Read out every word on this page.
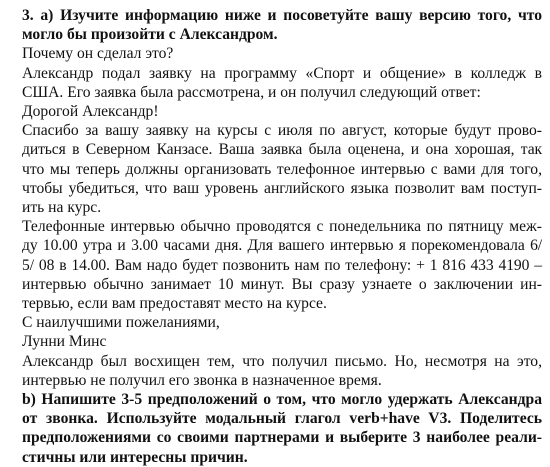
3. a) Изучите информацию ниже и посоветуйте вашу версию того, что
могло бы произойти с Александром.
Почему он сделал это?
Александр подал заявку на программу «Спорт и общение» в колледж в
США. Его заявка была рассмотрена, и он получил следующий ответ:
Дорогой Александр!
Спасибо за вашу заявку на курсы с июля по август, которые будут прово-
диться в Северном Канзасе. Ваша заявка была оценена, и она хорошая, так
что мы теперь должны организовать телефонное интервью с вами для того,
чтобы убедиться, что ваш уровень английского языка позволит вам поступ-
ить на курс.
Телефонные интервью обычно проводятся с понедельника по пятницу меж-
ду 10.00 утра и 3.00 часами дня. Для вашего интервью я порекомендовала 6/
5/ 08 в 14.00. Вам надо будет позвонить нам по телефону: + 1 816 433 4190 –
интервью обычно занимает 10 минут. Вы сразу узнаете о заключении ин-
тервью, если вам предоставят место на курсе.
С наилучшими пожеланиями,
Лунни Минс
Александр был восхищен тем, что получил письмо. Но, несмотря на это,
интервью не получил его звонка в назначенное время.
b) Напишите 3-5 предположений о том, что могло удержать Александра
от звонка. Используйте модальный глагол verb+have V3. Поделитесь
предположениями со своими партнерами и выберите 3 наиболее реали-
стичны или интересны причин.
